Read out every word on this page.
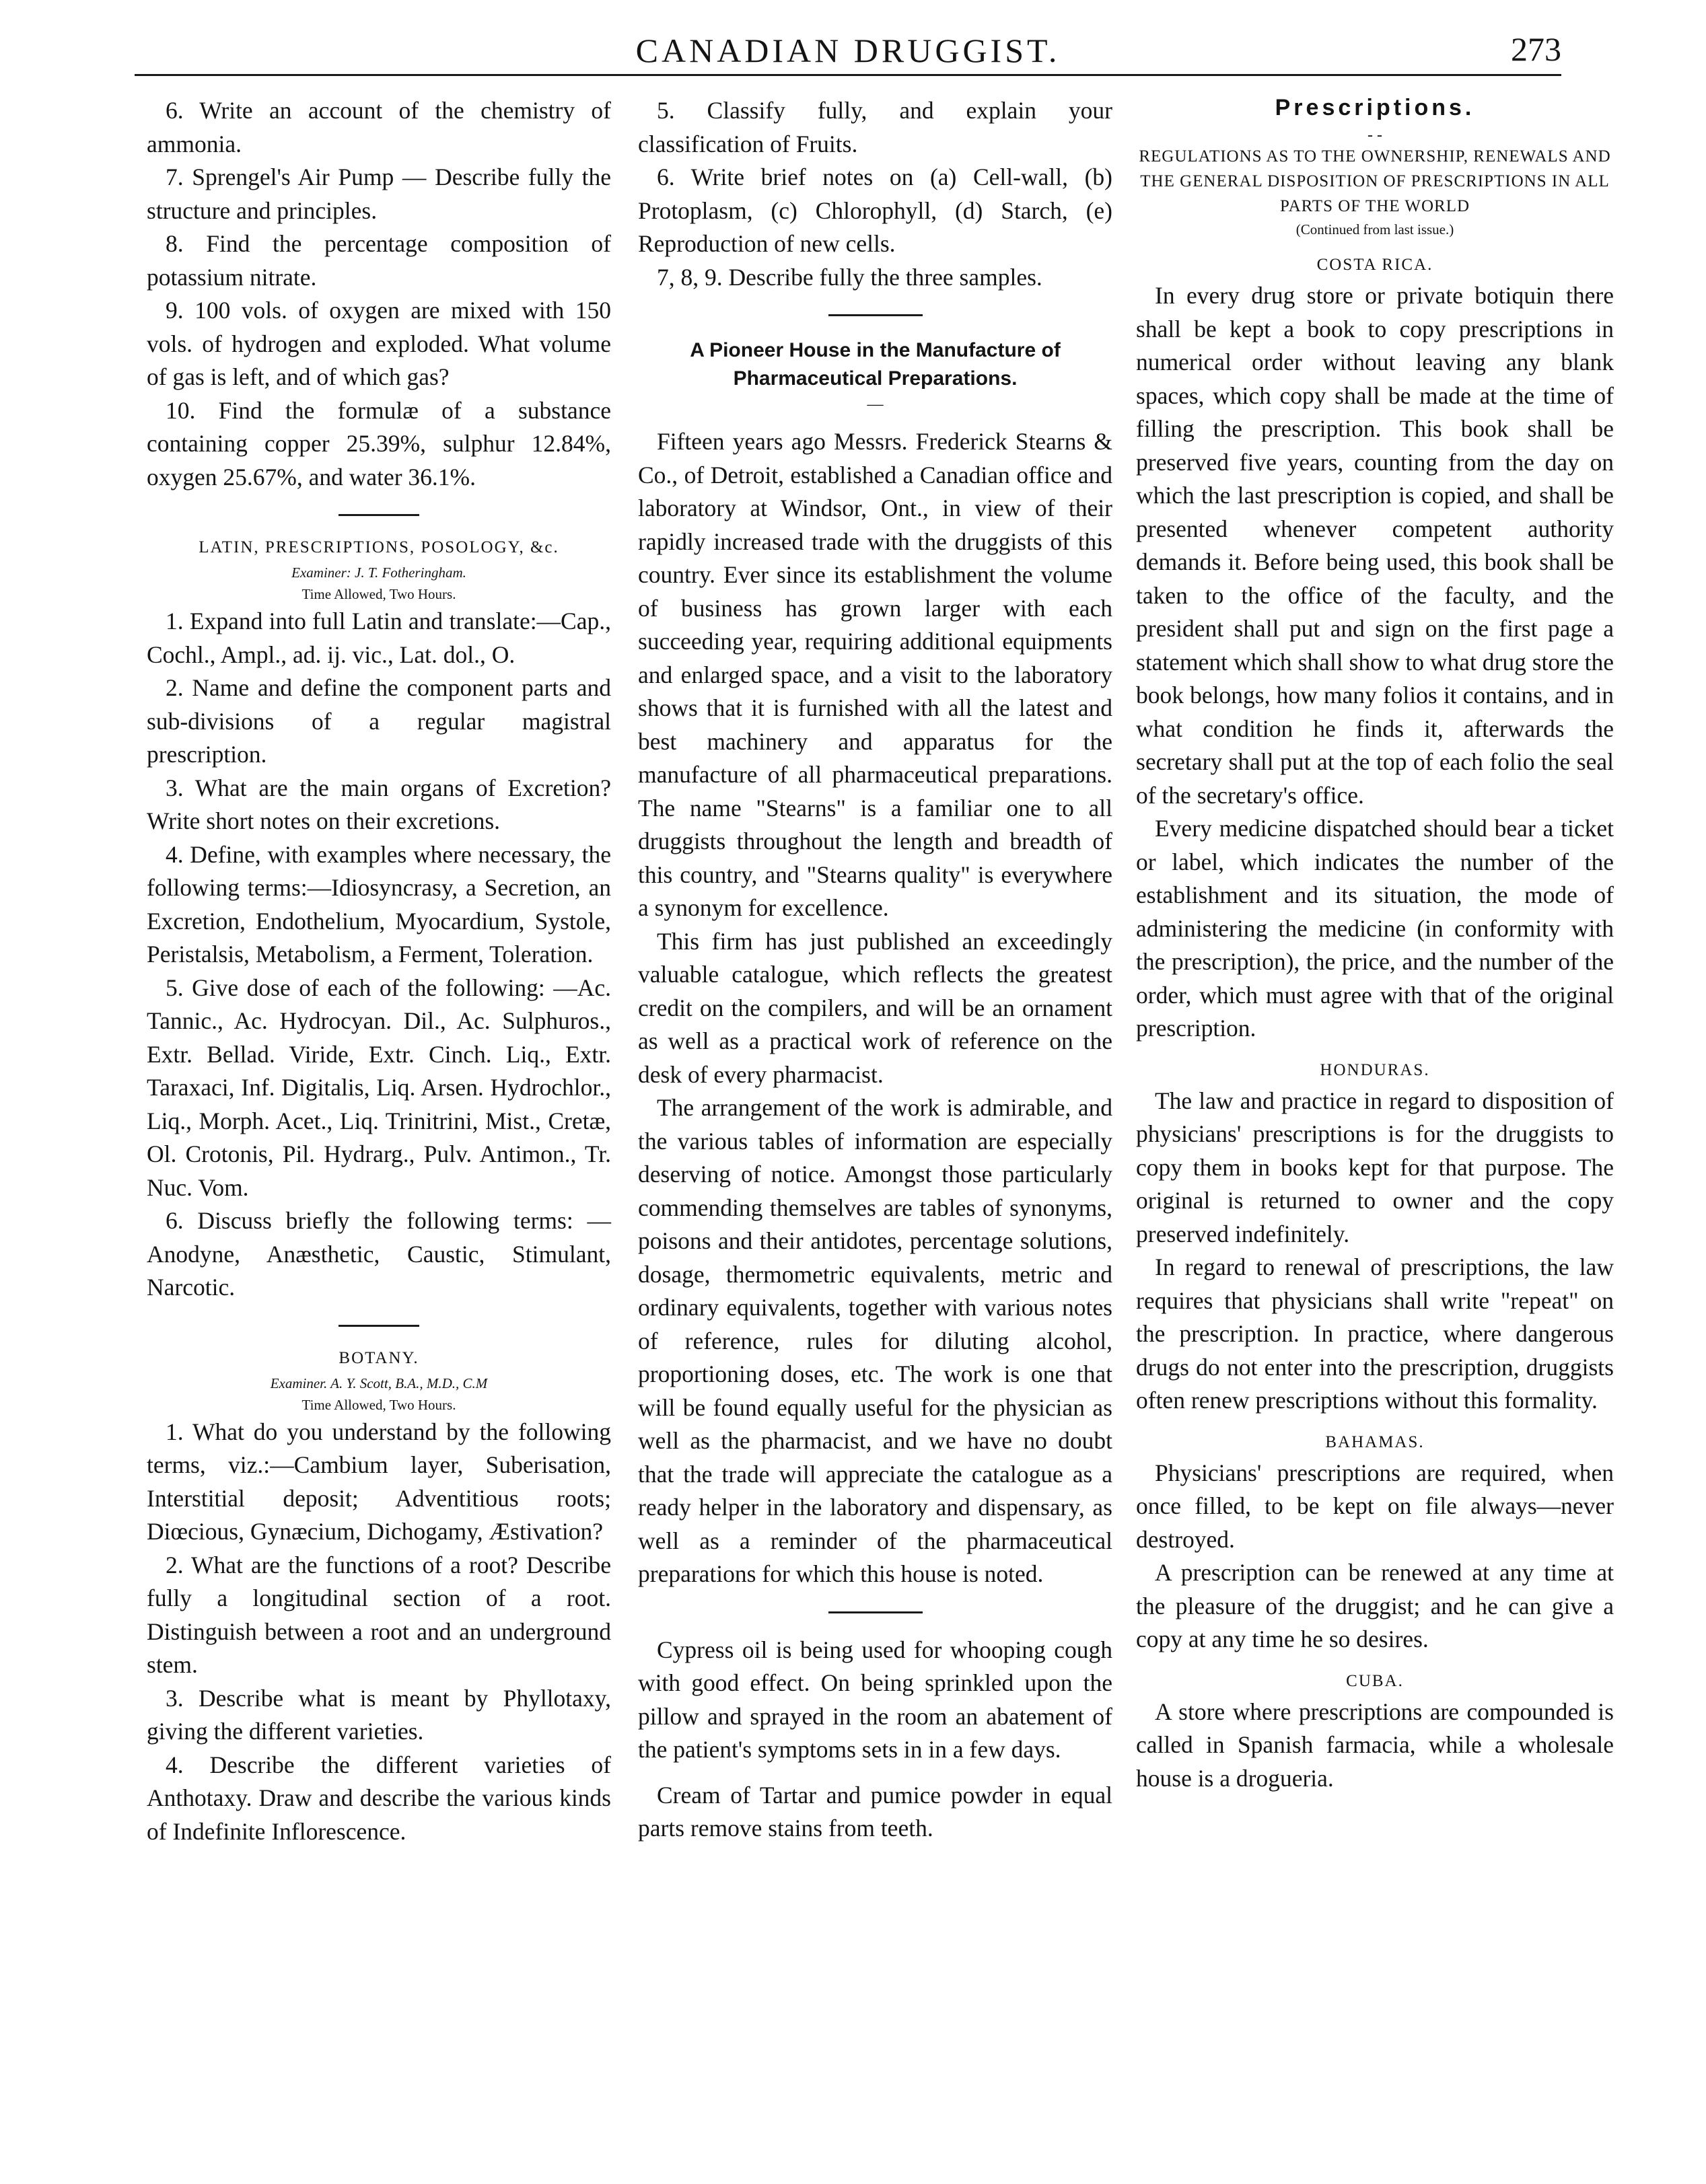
CANADIAN DRUGGIST.	273

6. Write an account of the chemistry of ammonia.

7. Sprengel's Air Pump — Describe fully the structure and principles.

8. Find the percentage composition of potassium nitrate.

9. 100 vols. of oxygen are mixed with 150 vols. of hydrogen and exploded. What volume of gas is left, and of which gas?

10. Find the formulæ of a substance containing copper 25.39%, sulphur 12.84%, oxygen 25.67%, and water 36.1%.

LATIN, PRESCRIPTIONS, POSOLOGY, &c.
Examiner: J. T. Fotheringham.
Time Allowed, Two Hours.

1. Expand into full Latin and translate:—Cap., Cochl., Ampl., ad. ij. vic., Lat. dol., O.

2. Name and define the component parts and sub-divisions of a regular magistral prescription.

3. What are the main organs of Excretion? Write short notes on their excretions.

4. Define, with examples where necessary, the following terms:—Idiosyncrasy, a Secretion, an Excretion, Endothelium, Myocardium, Systole, Peristalsis, Metabolism, a Ferment, Toleration.

5. Give dose of each of the following: —Ac. Tannic., Ac. Hydrocyan. Dil., Ac. Sulphuros., Extr. Bellad. Viride, Extr. Cinch. Liq., Extr. Taraxaci, Inf. Digitalis, Liq. Arsen. Hydrochlor., Liq., Morph. Acet., Liq. Trinitrini, Mist., Cretæ, Ol. Crotonis, Pil. Hydrarg., Pulv. Antimon., Tr. Nuc. Vom.

6. Discuss briefly the following terms: —Anodyne, Anæsthetic, Caustic, Stimulant, Narcotic.

BOTANY.
Examiner. A. Y. Scott, B.A., M.D., C.M
Time Allowed, Two Hours.

1. What do you understand by the following terms, viz.:—Cambium layer, Suberisation, Interstitial deposit; Adventitious roots; Diœcious, Gynæcium, Dichogamy, Æstivation?

2. What are the functions of a root? Describe fully a longitudinal section of a root. Distinguish between a root and an underground stem.

3. Describe what is meant by Phyllotaxy, giving the different varieties.

4. Describe the different varieties of Anthotaxy. Draw and describe the various kinds of Indefinite Inflorescence.

5. Classify fully, and explain your classification of Fruits.

6. Write brief notes on (a) Cell-wall, (b) Protoplasm, (c) Chlorophyll, (d) Starch, (e) Reproduction of new cells.

7, 8, 9. Describe fully the three samples.

A Pioneer House in the Manufacture of Pharmaceutical Preparations.
—

Fifteen years ago Messrs. Frederick Stearns & Co., of Detroit, established a Canadian office and laboratory at Windsor, Ont., in view of their rapidly increased trade with the druggists of this country. Ever since its establishment the volume of business has grown larger with each succeeding year, requiring additional equipments and enlarged space, and a visit to the laboratory shows that it is furnished with all the latest and best machinery and apparatus for the manufacture of all pharmaceutical preparations. The name "Stearns" is a familiar one to all druggists throughout the length and breadth of this country, and "Stearns quality" is everywhere a synonym for excellence.

This firm has just published an exceedingly valuable catalogue, which reflects the greatest credit on the compilers, and will be an ornament as well as a practical work of reference on the desk of every pharmacist.

The arrangement of the work is admirable, and the various tables of information are especially deserving of notice. Amongst those particularly commending themselves are tables of synonyms, poisons and their antidotes, percentage solutions, dosage, thermometric equivalents, metric and ordinary equivalents, together with various notes of reference, rules for diluting alcohol, proportioning doses, etc. The work is one that will be found equally useful for the physician as well as the pharmacist, and we have no doubt that the trade will appreciate the catalogue as a ready helper in the laboratory and dispensary, as well as a reminder of the pharmaceutical preparations for which this house is noted.

Cypress oil is being used for whooping cough with good effect. On being sprinkled upon the pillow and sprayed in the room an abatement of the patient's symptoms sets in in a few days.

Cream of Tartar and pumice powder in equal parts remove stains from teeth.

Prescriptions.
- -
REGULATIONS AS TO THE OWNERSHIP, RENEWALS AND THE GENERAL DISPOSITION OF PRESCRIPTIONS IN ALL PARTS OF THE WORLD
(Continued from last issue.)
COSTA RICA.

In every drug store or private botiquin there shall be kept a book to copy prescriptions in numerical order without leaving any blank spaces, which copy shall be made at the time of filling the prescription. This book shall be preserved five years, counting from the day on which the last prescription is copied, and shall be presented whenever competent authority demands it. Before being used, this book shall be taken to the office of the faculty, and the president shall put and sign on the first page a statement which shall show to what drug store the book belongs, how many folios it contains, and in what condition he finds it, afterwards the secretary shall put at the top of each folio the seal of the secretary's office.

Every medicine dispatched should bear a ticket or label, which indicates the number of the establishment and its situation, the mode of administering the medicine (in conformity with the prescription), the price, and the number of the order, which must agree with that of the original prescription.

HONDURAS.

The law and practice in regard to disposition of physicians' prescriptions is for the druggists to copy them in books kept for that purpose. The original is returned to owner and the copy preserved indefinitely.

In regard to renewal of prescriptions, the law requires that physicians shall write "repeat" on the prescription. In practice, where dangerous drugs do not enter into the prescription, druggists often renew prescriptions without this formality.

BAHAMAS.

Physicians' prescriptions are required, when once filled, to be kept on file always—never destroyed.

A prescription can be renewed at any time at the pleasure of the druggist; and he can give a copy at any time he so desires.

CUBA.

A store where prescriptions are compounded is called in Spanish farmacia, while a wholesale house is a drogueria.
